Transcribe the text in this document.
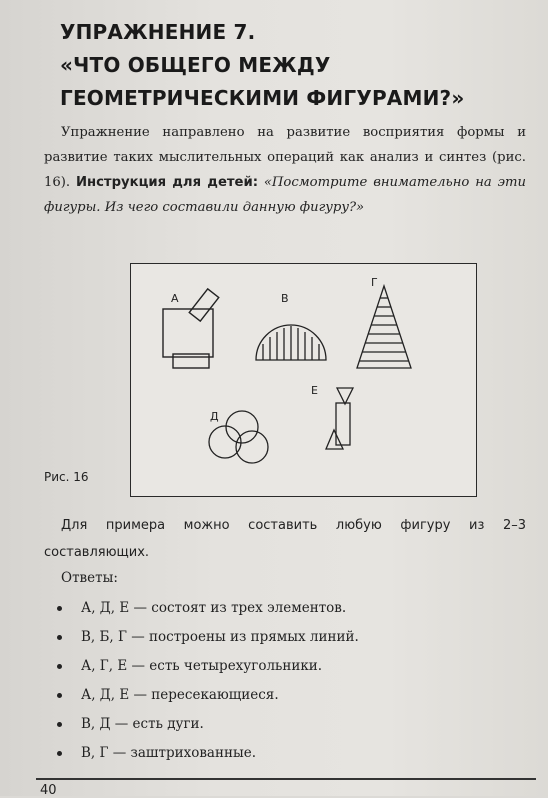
УПРАЖНЕНИЕ 7.
«ЧТО ОБЩЕГО МЕЖДУ
ГЕОМЕТРИЧЕСКИМИ ФИГУРАМИ?»
Упражнение направлено на развитие восприятия формы и развитие таких мыслительных операций как анализ и синтез (рис. 16). Инструкция для детей: «Посмотрите внимательно на эти фигуры. Из чего составили данную фигуру?»
А	В
Г
Д
Е
Рис. 16
Для примера можно составить любую фигуру из 2–3 составляющих.
Ответы:
А, Д, Е — состоят из трех элементов.
В, Б, Г — построены из прямых линий.
А, Г, Е — есть четырехугольники.
А, Д, Е — пересекающиеся.
В, Д — есть дуги.
В, Г — заштрихованные.
40
